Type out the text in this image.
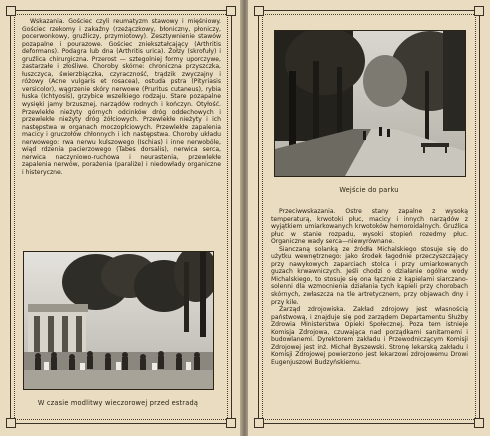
Wskazania. Gościec czyli reumatyzm stawowy i mięśniowy. Gościec rzekomy i zakaźny (rzeżączkowy, błoniczny, płoniczy, pocerwonkowy, gruźliczy, przymiotowy). Zesztywnienie stawów pozapalne i pourazowe. Gościec zniekształcający (Arthritis deformans). Podagra lub dna (Arthritis urica). Żołzy (skrofuły) i gruźlica chirurgiczna. Przerost — sztegolniej formy uporczywe, zastarzałe i złośliwe. Choroby skórne: chroniczna przyszczka, łuszczyca, świerzbiączka, czyraczność, trądzik zwyczajny i różowy (Acne vulgaris et rosacea), ostuda pstra (Pityriasis versicolor), wągrzenie skóry nerwowe (Pruritus cutaneus), rybia łuska (Ichtyosis), grzybice wszelkiego rodzaju. Stare pozapalne wysięki jamy brzusznej, narządów rodnych i kończyn. Otyłość. Przewlekłe nieżyty górnych odcinków dróg oddechowych i przewlekłe nieżyty dróg żółciowych. Przewlekłe nieżyty i ich następstwa w organach moczopłciowych. Przewlekłe zapalenia macicy i gruczołów chłonnych i ich następstwa. Choroby układu nerwowego: rwa nerwu kulszowego (Ischias) i inne nerwobóle, wiąd rdzenia pacierzowego (Tabes dorsalis), nerwica serca, nerwica naczyniowo-ruchowa i neurastenia, przewlekłe zapalenia nerwów, porażenia (paraliże) i niedowłady organiczne i histeryczne.

W czasie modlitwy wieczorowej przed estradą
Wejście do parku

Przeciwwskazania. Ostre stany zapalne z wysoką temperaturą, krwotoki płuc, macicy i innych narządów z wyjątkiem umiarkowanych krwotoków hemoroidalnych. Gruźlica płuc w stanie rozpadu, wysoki stopień rozedmy płuc. Organiczne wady serca—niewyrównane.

Sianczaną solanką ze źródła Michalskiego stosuje się do użytku wewnętrznego: jako środek łagodnie przeczyszczający przy nawykowych zaparciach stolca i przy umiarkowanych guzach krwawniczych. Jeśli chodzi o działanie ogólne wody Michalskiego, to stosuje się ona łącznie z kąpielami siarczano-solenni dla wzmocnienia działania tych kąpieli przy chorobach skórnych, zwłaszcza na tle artretycznem, przy objawach dny i przy kile.

Zarząd zdrojowiska. Zakład zdrojowy jest własnością państwową, i znajduje się pod zarządem Departamentu Służby Zdrowia Ministerstwa Opieki Społecznej. Poza tem istnieje Komisja Zdrojowa, czuwająca nad porządkami sanitarnemi i budowlanemi. Dyrektorem zakładu i Przewodniczącym Komisji Zdrojowej jest inż. Michał Byszewski. Stronę lekarską zakładu i Komisji Zdrojowej powierzono jest lekarzowi zdrojowemu Drowi Eugenjuszowi Budzyńskiemu.
